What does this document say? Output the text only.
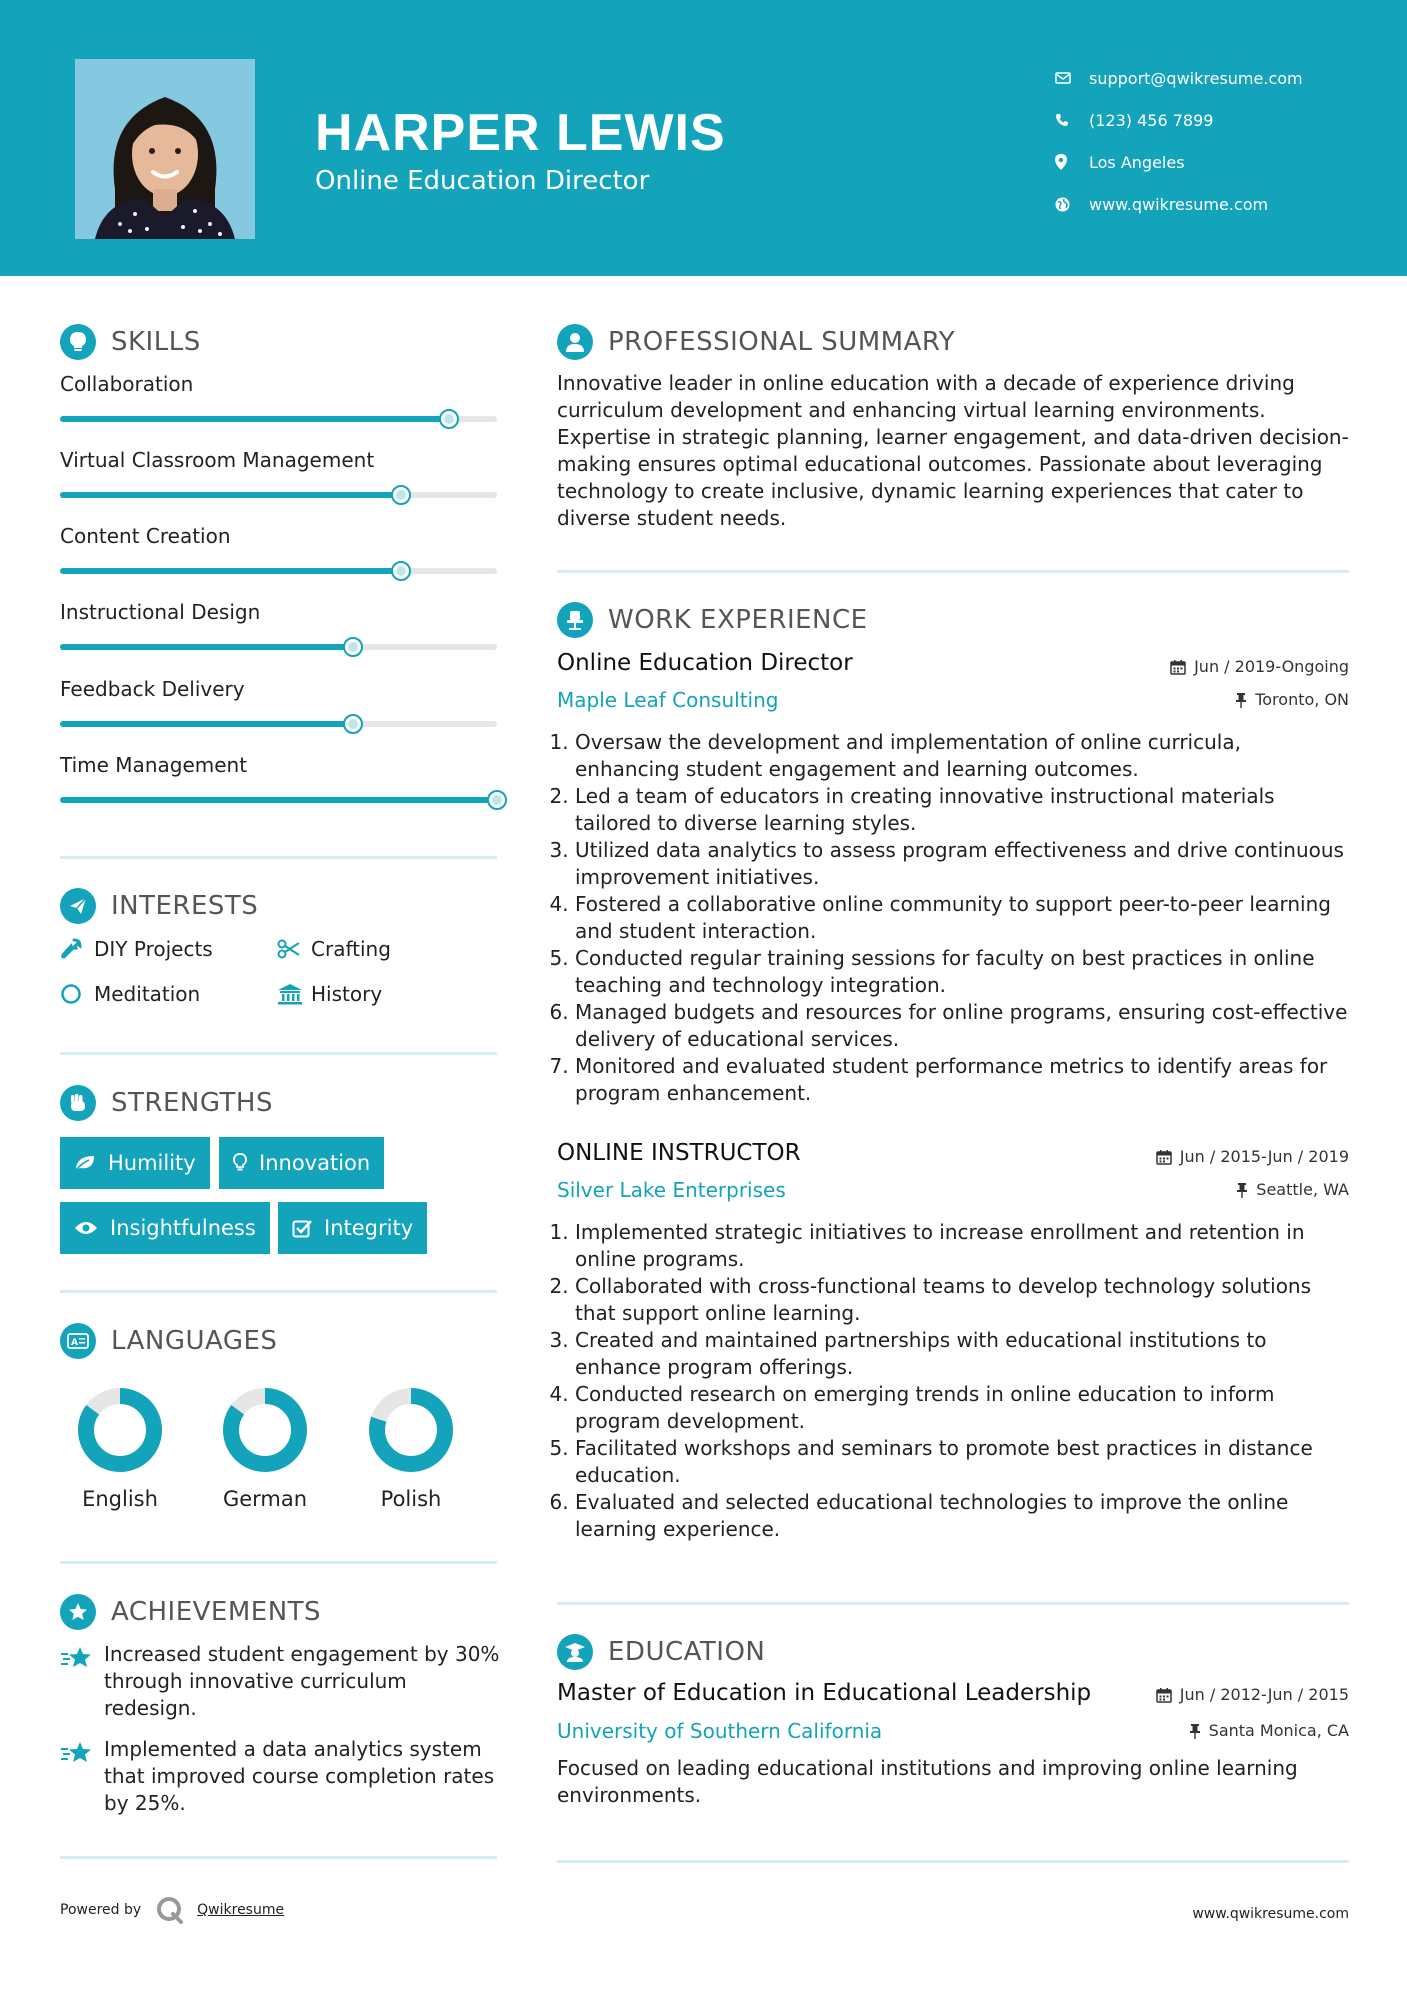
HARPER LEWIS
Online Education Director
support@qwikresume.com
(123) 456 7899
Los Angeles
www.qwikresume.com
SKILLS
Collaboration
Virtual Classroom Management
Content Creation
Instructional Design
Feedback Delivery
Time Management
INTERESTS
DIY Projects	Crafting
Meditation	History
STRENGTHS
Humility	Innovation
Insightfulness	Integrity
A LANGUAGES
English	German	Polish
ACHIEVEMENTS
Increased student engagement by 30% through innovative curriculum redesign.
Implemented a data analytics system that improved course completion rates by 25%.
PROFESSIONAL SUMMARY
Innovative leader in online education with a decade of experience driving curriculum development and enhancing virtual learning environments. Expertise in strategic planning, learner engagement, and data-driven decision-making ensures optimal educational outcomes. Passionate about leveraging technology to create inclusive, dynamic learning experiences that cater to diverse student needs.
WORK EXPERIENCE
Online Education Director	Jun / 2019-Ongoing
Maple Leaf Consulting	Toronto, ON
1. Oversaw the development and implementation of online curricula, enhancing student engagement and learning outcomes.
2. Led a team of educators in creating innovative instructional materials tailored to diverse learning styles.
3. Utilized data analytics to assess program effectiveness and drive continuous improvement initiatives.
4. Fostered a collaborative online community to support peer-to-peer learning and student interaction.
5. Conducted regular training sessions for faculty on best practices in online teaching and technology integration.
6. Managed budgets and resources for online programs, ensuring cost-effective delivery of educational services.
7. Monitored and evaluated student performance metrics to identify areas for program enhancement.
ONLINE INSTRUCTOR	Jun / 2015-Jun / 2019
Silver Lake Enterprises	Seattle, WA
1. Implemented strategic initiatives to increase enrollment and retention in online programs.
2. Collaborated with cross-functional teams to develop technology solutions that support online learning.
3. Created and maintained partnerships with educational institutions to enhance program offerings.
4. Conducted research on emerging trends in online education to inform program development.
5. Facilitated workshops and seminars to promote best practices in distance education.
6. Evaluated and selected educational technologies to improve the online learning experience.
EDUCATION
Master of Education in Educational Leadership	Jun / 2012-Jun / 2015
University of Southern California	Santa Monica, CA
Focused on leading educational institutions and improving online learning environments.
Powered by	Qwikresume	www.qwikresume.com
